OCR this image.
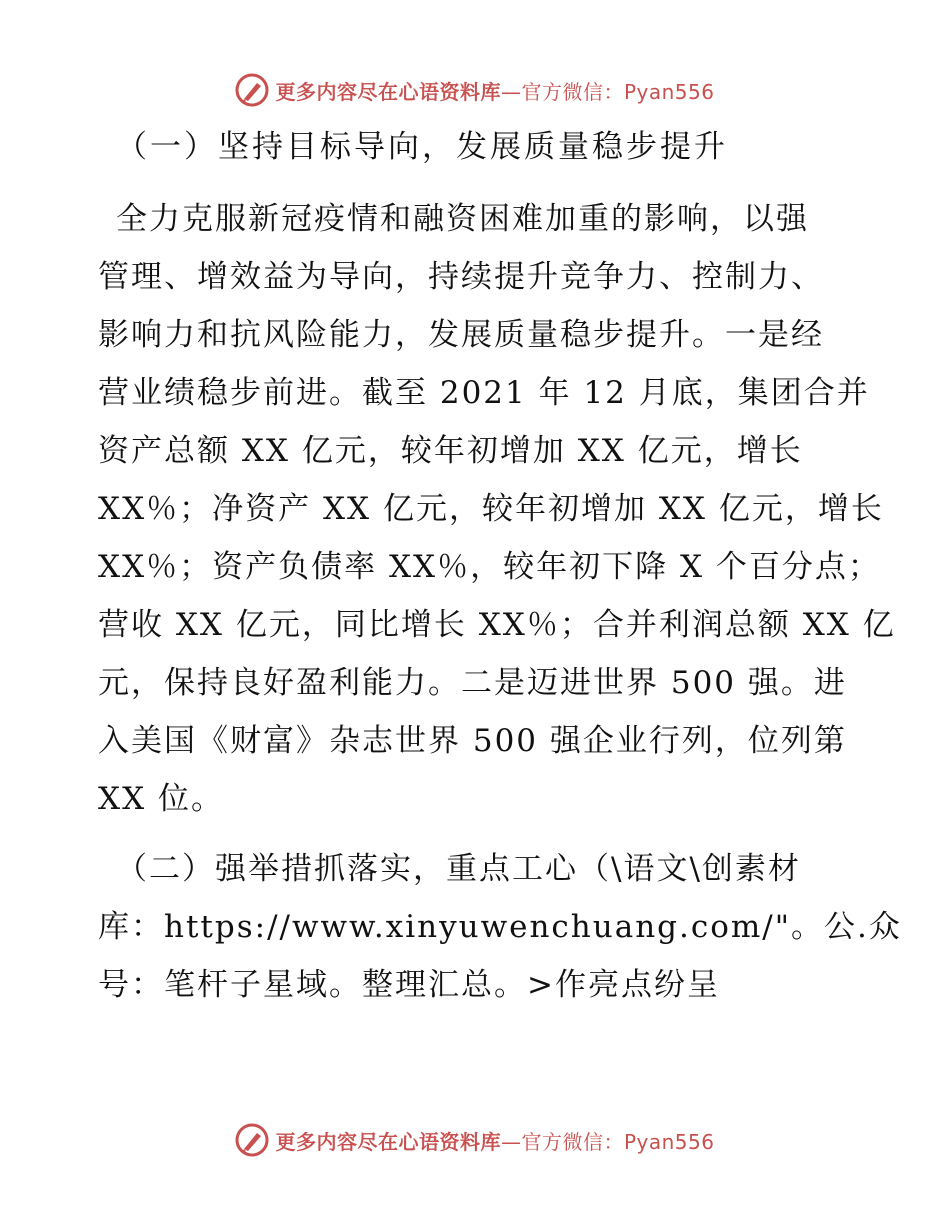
更多内容尽在心语资料库—官方微信：Pyan556

（一）坚持目标导向，发展质量稳步提升

全力克服新冠疫情和融资困难加重的影响，以强
管理、增效益为导向，持续提升竞争力、控制力、
影响力和抗风险能力，发展质量稳步提升。一是经
营业绩稳步前进。截至 2021 年 12 月底，集团合并
资产总额 XX 亿元，较年初增加 XX 亿元，增长
XX％；净资产 XX 亿元，较年初增加 XX 亿元，增长
XX％；资产负债率 XX％，较年初下降 X 个百分点；
营收 XX 亿元，同比增长 XX％；合并利润总额 XX 亿
元，保持良好盈利能力。二是迈进世界 500 强。进
入美国《财富》杂志世界 500 强企业行列，位列第
XX 位。

（二）强举措抓落实，重点工心（\语文\创素材
库：https://www.xinyuwenchuang.com/"。公.众
号：笔杆子星域。整理汇总。>作亮点纷呈

更多内容尽在心语资料库—官方微信：Pyan556
